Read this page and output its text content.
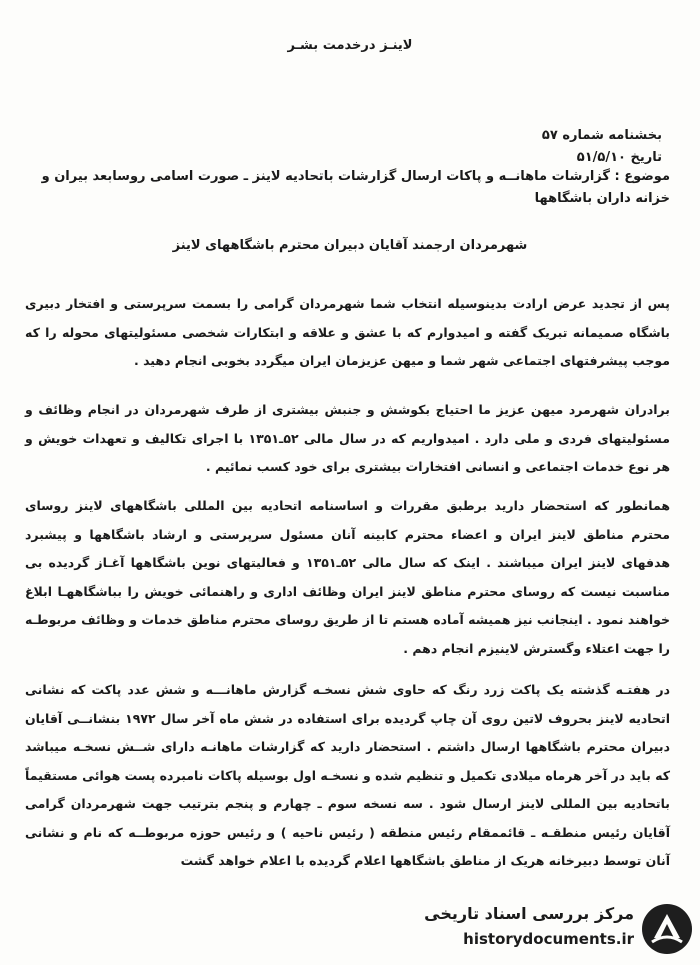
لاینـز درخدمت بشـر
بخشنامه شماره ۵۷
تاریخ ۵۱/۵/۱۰
موضوع : گزارشات ماهانــه و پاکات ارسال گزارشات باتحادیه لاینز ـ صورت اسامی روسابعد بیران و خزانه داران باشگاهها
شهرمردان ارجمند آقایان دبیران محترم باشگاههای لاینز

پس از تجدید عرض ارادت بدینوسیله انتخاب شما شهرمردان گرامی را بسمت سرپرستی و افتخار دبیری باشگاه صمیمانه تبریک گفته و امیدوارم که با عشق و علاقه و ابتکارات شخصی مسئولیتهای محوله را که موجب پیشرفتهای اجتماعی شهر شما و میهن عزیزمان ایران میگردد بخوبی انجام دهید .

برادران شهرمرد میهن عزیز ما احتیاج بکوشش و جنبش بیشتری از طرف شهرمردان در انجام وظائف و مسئولیتهای فردی و ملی دارد . امیدواریم که در سال مالی ۵۲ـ۱۳۵۱ با اجرای تکالیف و تعهدات خویش و هر نوع خدمات اجتماعی و انسانی افتخارات بیشتری برای خود کسب نمائیم .

همانطور که استحضار دارید برطبق مقررات و اساسنامه اتحادیه بین المللی باشگاههای لاینز روسای محترم مناطق لاینز ایران و اعضاء محترم کابینه آنان مسئول سرپرستی و ارشاد باشگاهها و پیشبرد هدفهای لاینز ایران میباشند . اینک که سال مالی ۵۲ـ۱۳۵۱ و فعالیتهای نوین باشگاهها آغـاز گردیده بی مناسبت نیست که روسای محترم مناطق لاینز ایران وظائف اداری و راهنمائی خویش را بباشگاههـا ابلاغ خواهند نمود . اینجانب نیز همیشه آماده هستم تا از طریق روسای محترم مناطق خدمات و وظائف مربوطـه را جهت اعتلاء وگسترش لاینیزم انجام دهم .

در هفتـه گذشته یک پاکت زرد رنگ که حاوی شش نسخـه گزارش ماهانـــه و شش عدد پاکت که نشانی اتحادیه لاینز بحروف لاتین روی آن چاپ گردیده برای استفاده در شش ماه آخر سال ۱۹۷۲ بنشانــی آقایان دبیران محترم باشگاهها ارسال داشتم . استحضار دارید که گزارشات ماهانـه دارای شــش نسخـه میباشد که باید در آخر هرماه میلادی تکمیل و تنظیم شده و نسخـه اول بوسیله پاکات نامبرده پست هوائی مستقیماً باتحادیه بین المللی لاینز ارسال شود . سه نسخه سوم ـ چهارم و پنجم بترتیب جهت شهرمردان گرامی آقایان رئیس منطقـه ـ قائممقام رئیس منطقه ( رئیس ناحیه ) و رئیس حوزه مربوطــه که نام و نشانی آنان توسط دبیرخانه هریک از مناطق باشگاهها اعلام گردیده با اعلام خواهد گشت

مرکز بررسی اسناد تاریخی
historydocuments.ir
